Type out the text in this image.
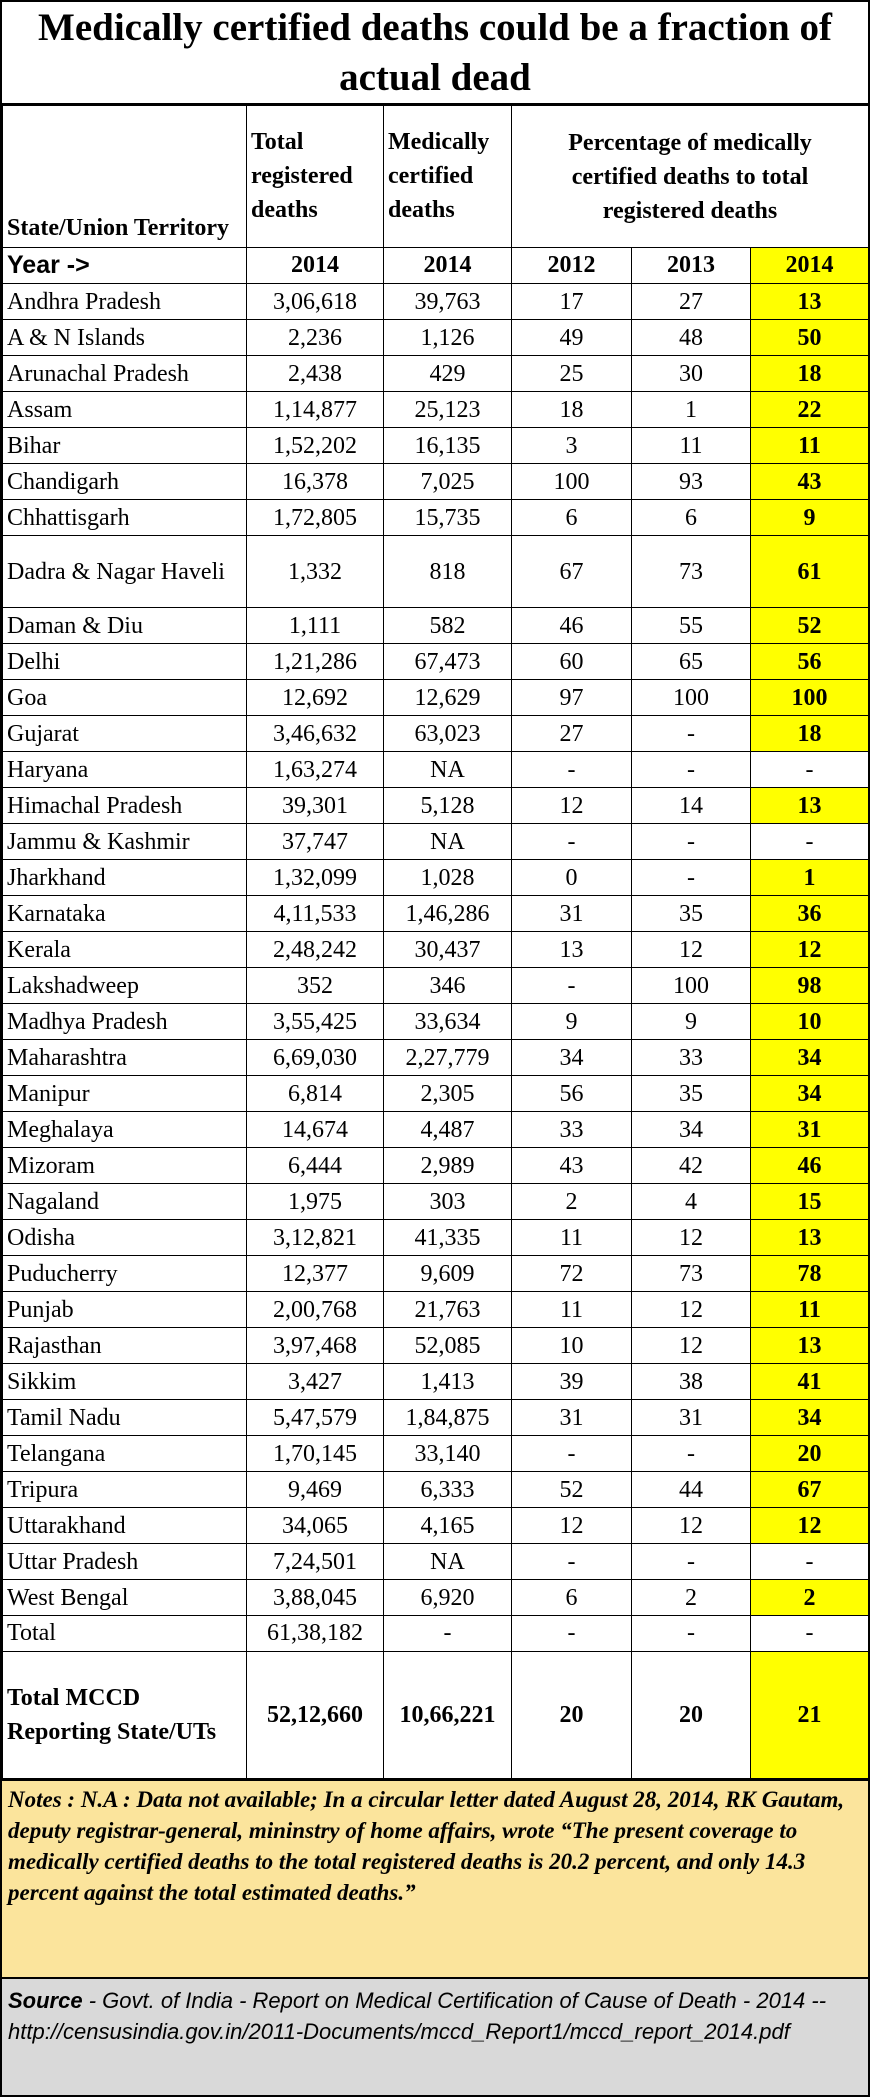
Medically certified deaths could be a fraction of actual dead
State/Union Territory	Total registered deaths	Medically certified deaths	Percentage of medically certified deaths to total registered deaths		
Year ->	2014	2014	2012	2013	2014
Andhra Pradesh	3,06,618	39,763	17	27	13
A & N Islands	2,236	1,126	49	48	50
Arunachal Pradesh	2,438	429	25	30	18
Assam	1,14,877	25,123	18	1	22
Bihar	1,52,202	16,135	3	11	11
Chandigarh	16,378	7,025	100	93	43
Chhattisgarh	1,72,805	15,735	6	6	9
Dadra & Nagar Haveli	1,332	818	67	73	61
Daman & Diu	1,111	582	46	55	52
Delhi	1,21,286	67,473	60	65	56
Goa	12,692	12,629	97	100	100
Gujarat	3,46,632	63,023	27	-	18
Haryana	1,63,274	NA	-	-	-
Himachal Pradesh	39,301	5,128	12	14	13
Jammu & Kashmir	37,747	NA	-	-	-
Jharkhand	1,32,099	1,028	0	-	1
Karnataka	4,11,533	1,46,286	31	35	36
Kerala	2,48,242	30,437	13	12	12
Lakshadweep	352	346	-	100	98
Madhya Pradesh	3,55,425	33,634	9	9	10
Maharashtra	6,69,030	2,27,779	34	33	34
Manipur	6,814	2,305	56	35	34
Meghalaya	14,674	4,487	33	34	31
Mizoram	6,444	2,989	43	42	46
Nagaland	1,975	303	2	4	15
Odisha	3,12,821	41,335	11	12	13
Puducherry	12,377	9,609	72	73	78
Punjab	2,00,768	21,763	11	12	11
Rajasthan	3,97,468	52,085	10	12	13
Sikkim	3,427	1,413	39	38	41
Tamil Nadu	5,47,579	1,84,875	31	31	34
Telangana	1,70,145	33,140	-	-	20
Tripura	9,469	6,333	52	44	67
Uttarakhand	34,065	4,165	12	12	12
Uttar Pradesh	7,24,501	NA	-	-	-
West Bengal	3,88,045	6,920	6	2	2
Total	61,38,182	-	-	-	-
Total MCCD Reporting State/UTs	52,12,660	10,66,221	20	20	21
Notes : N.A : Data not available; In a circular letter dated August 28, 2014, RK Gautam, deputy registrar-general, mininstry of home affairs, wrote “The present coverage to medically certified deaths to the total registered deaths is 20.2 percent, and only 14.3 percent against the total estimated deaths.”
Source - Govt. of India - Report on Medical Certification of Cause of Death - 2014 -- http://censusindia.gov.in/2011-Documents/mccd_Report1/mccd_report_2014.pdf
